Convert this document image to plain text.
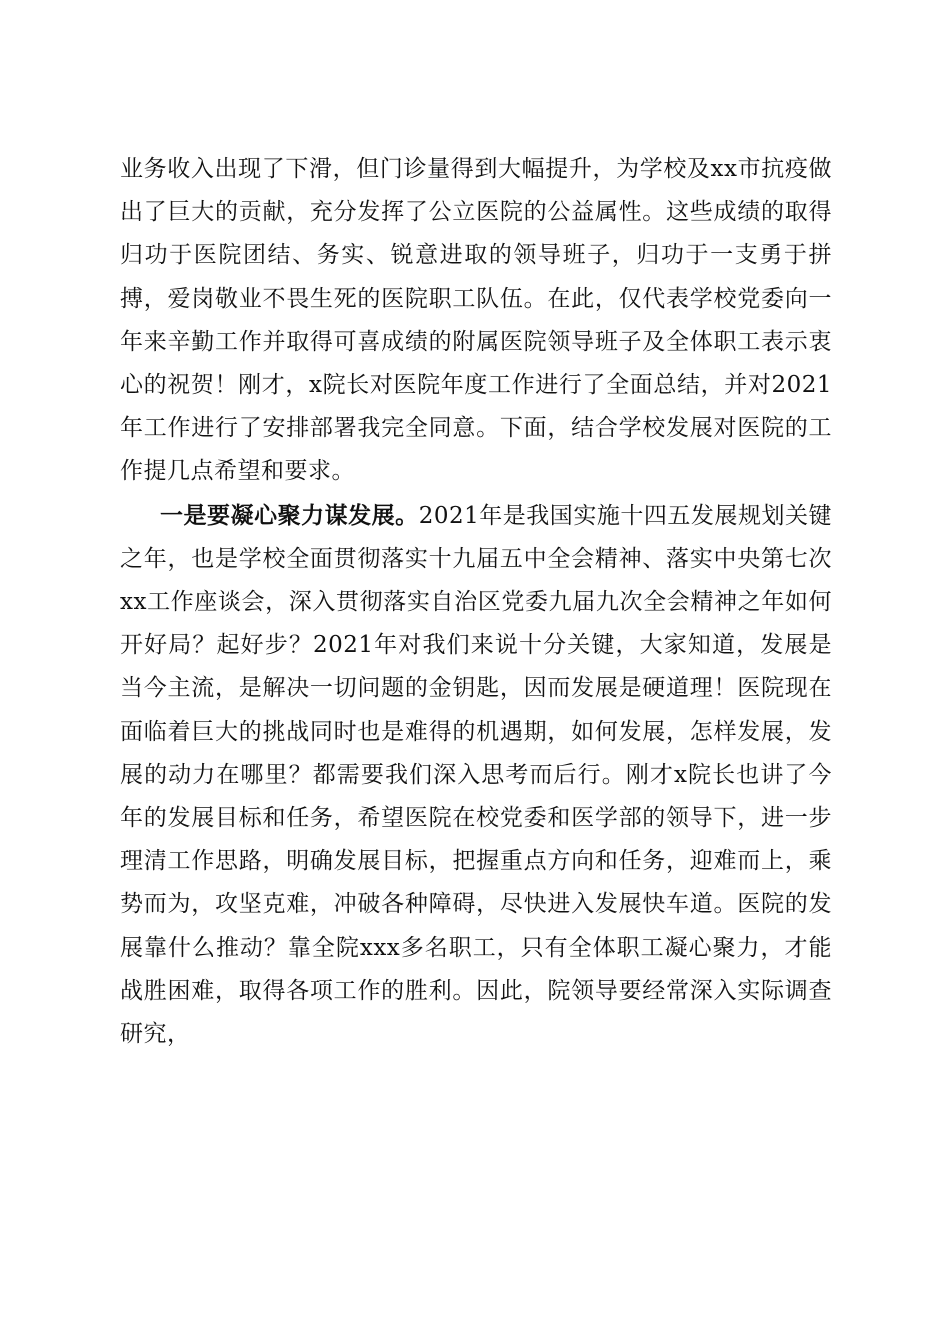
业务收入出现了下滑，但门诊量得到大幅提升，为学校及xx市抗疫做出了巨大的贡献，充分发挥了公立医院的公益属性。这些成绩的取得归功于医院团结、务实、锐意进取的领导班子，归功于一支勇于拼搏，爱岗敬业不畏生死的医院职工队伍。在此，仅代表学校党委向一年来辛勤工作并取得可喜成绩的附属医院领导班子及全体职工表示衷心的祝贺！刚才，x院长对医院年度工作进行了全面总结，并对2021年工作进行了安排部署我完全同意。下面，结合学校发展对医院的工作提几点希望和要求。

一是要凝心聚力谋发展。2021年是我国实施十四五发展规划关键之年，也是学校全面贯彻落实十九届五中全会精神、落实中央第七次xx工作座谈会，深入贯彻落实自治区党委九届九次全会精神之年如何开好局？起好步？2021年对我们来说十分关键，大家知道，发展是当今主流，是解决一切问题的金钥匙，因而发展是硬道理！医院现在面临着巨大的挑战同时也是难得的机遇期，如何发展，怎样发展，发展的动力在哪里？都需要我们深入思考而后行。刚才x院长也讲了今年的发展目标和任务，希望医院在校党委和医学部的领导下，进一步理清工作思路，明确发展目标，把握重点方向和任务，迎难而上，乘势而为，攻坚克难，冲破各种障碍，尽快进入发展快车道。医院的发展靠什么推动？靠全院xxx多名职工，只有全体职工凝心聚力，才能战胜困难，取得各项工作的胜利。因此，院领导要经常深入实际调查研究，
